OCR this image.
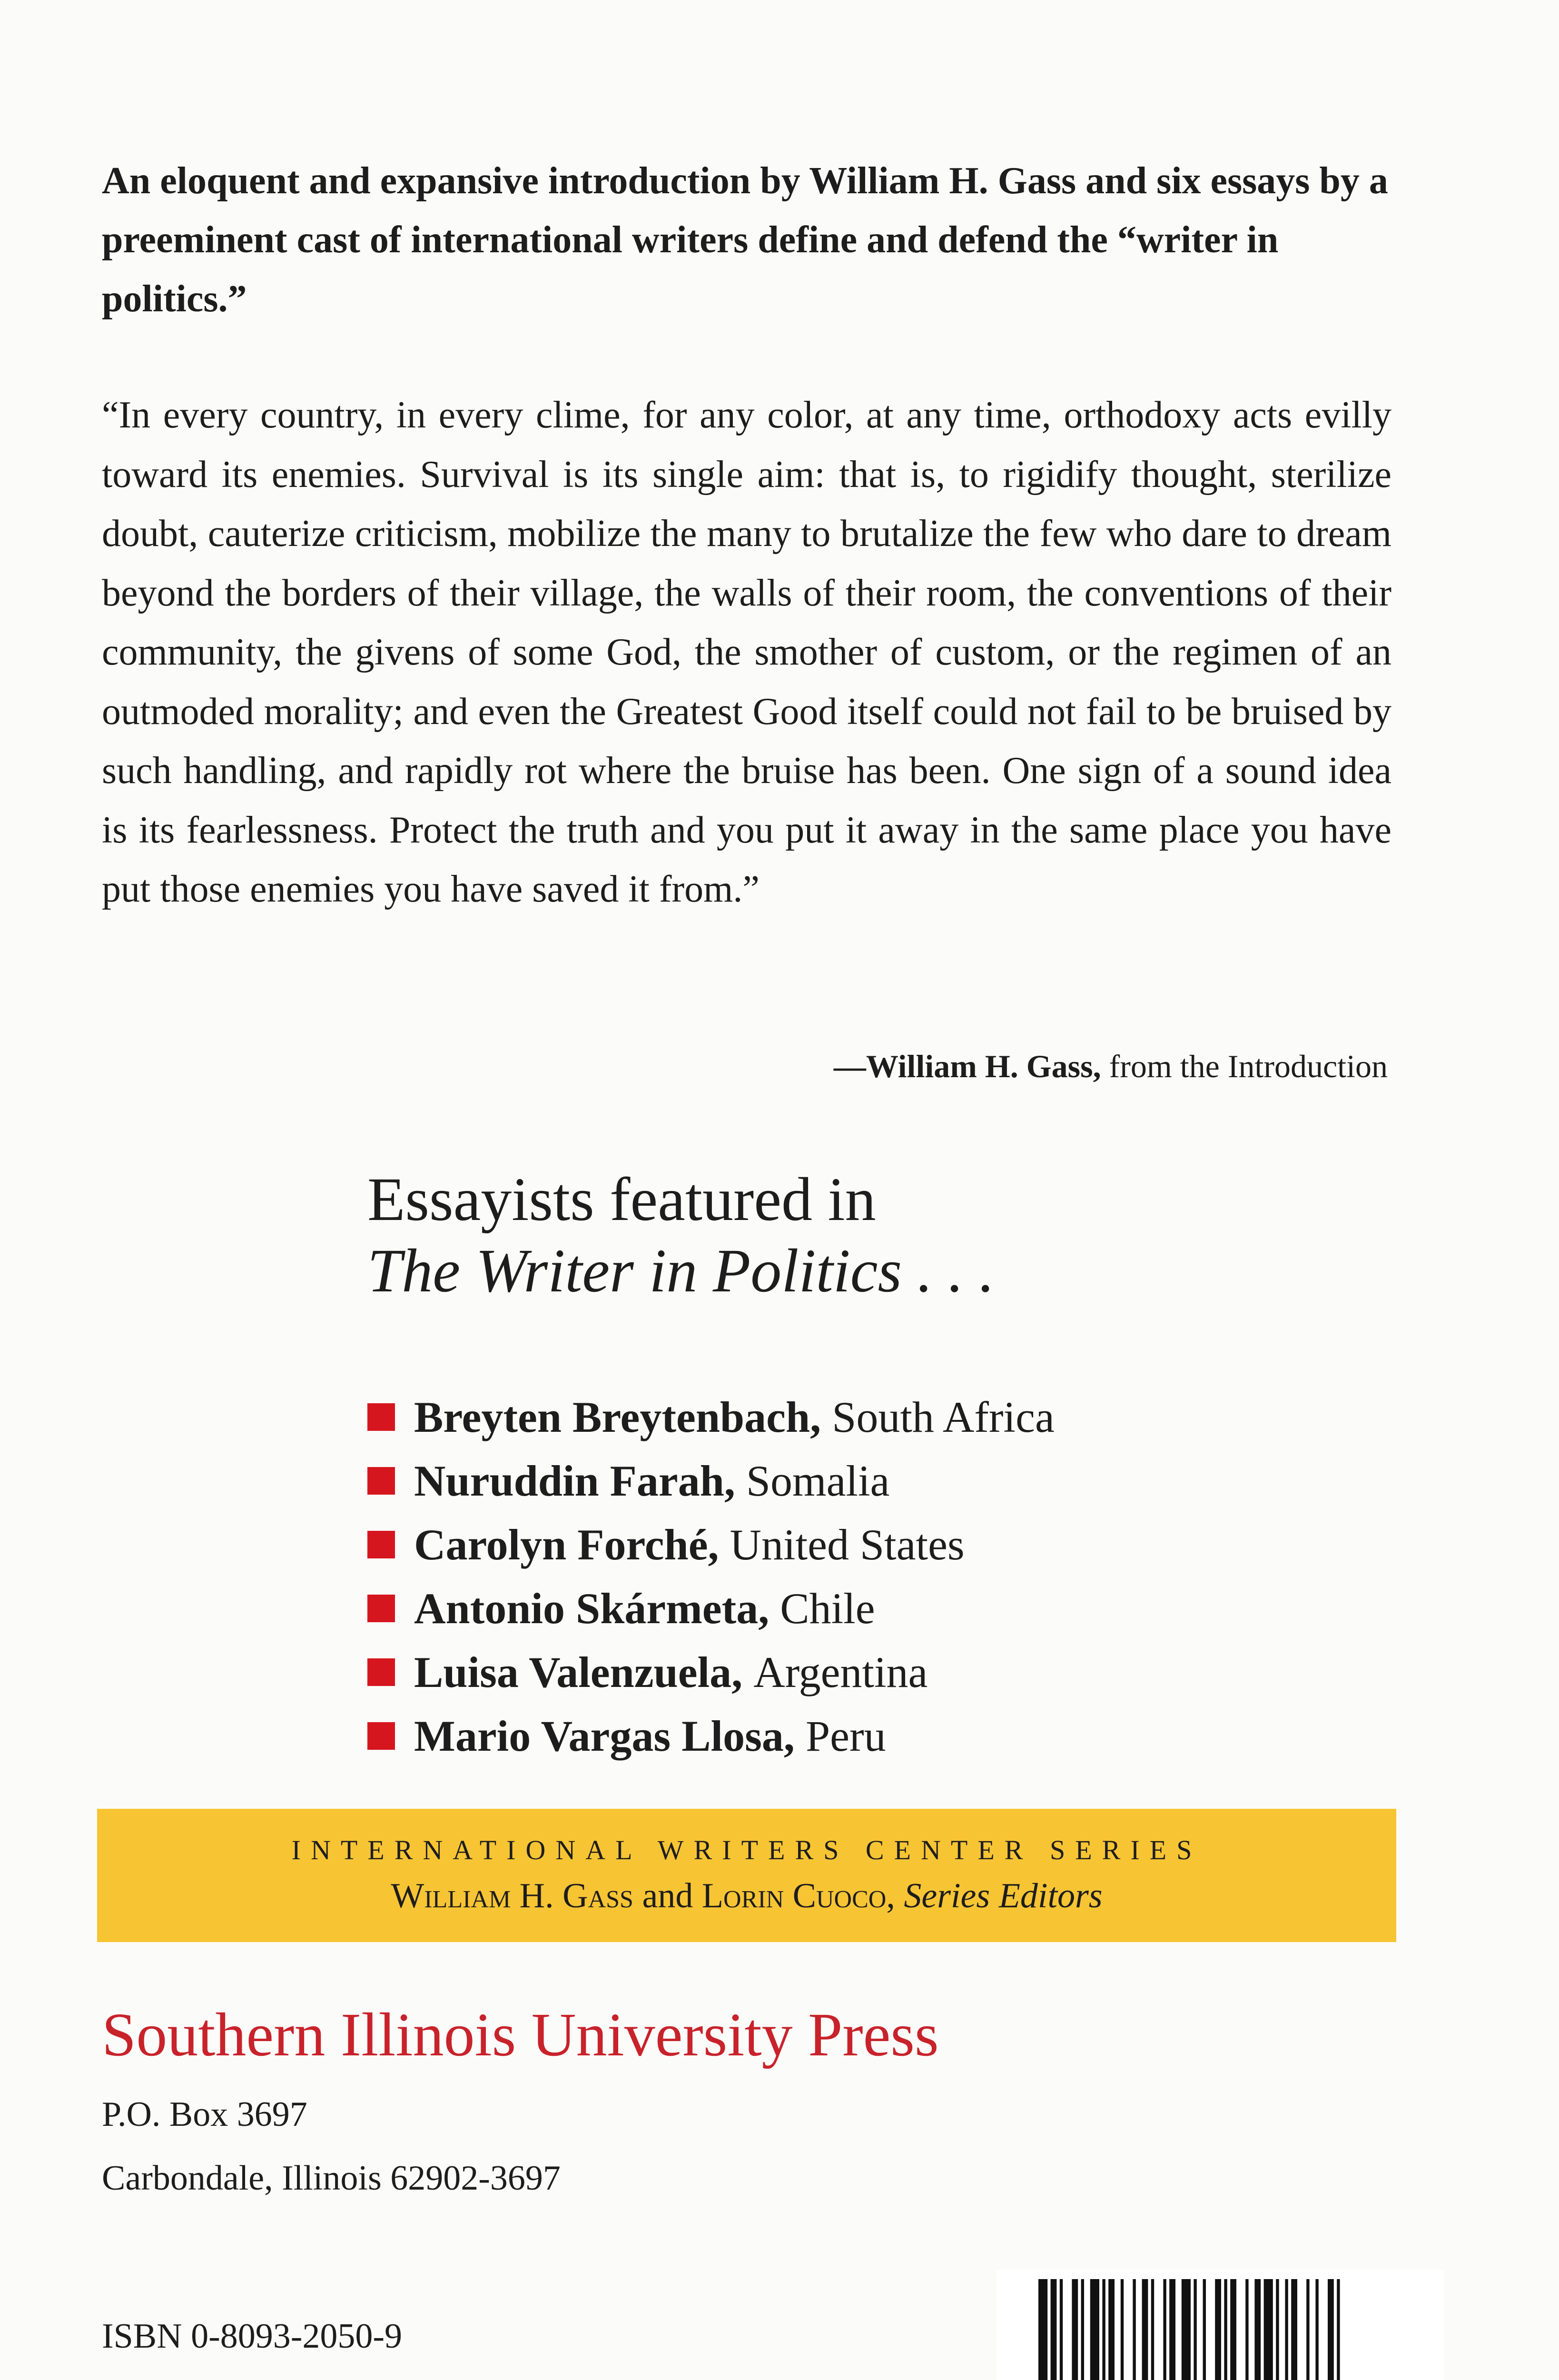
An eloquent and expansive introduction by William H. Gass and six essays by a preeminent cast of international writers define and defend the “writer in politics.”

“In every country, in every clime, for any color, at any time, orthodoxy acts evilly toward its enemies. Survival is its single aim: that is, to rigidify thought, sterilize doubt, cauterize criticism, mobilize the many to brutalize the few who dare to dream beyond the borders of their village, the walls of their room, the conventions of their community, the givens of some God, the smother of custom, or the regimen of an outmoded morality; and even the Greatest Good itself could not fail to be bruised by such handling, and rapidly rot where the bruise has been. One sign of a sound idea is its fearlessness. Protect the truth and you put it away in the same place you have put those enemies you have saved it from.”

—William H. Gass, from the Introduction
Essayists featured in
The Writer in Politics . . .
Breyten Breytenbach,
South Africa
Nuruddin Farah,
Somalia
Carolyn Forché,
United States
Antonio Skármeta,
Chile
Luisa Valenzuela,
Argentina
Mario Vargas Llosa,
Peru
INTERNATIONAL WRITERS CENTER SERIES
William H. Gass and Lorin Cuoco, Series Editors
Southern Illinois University Press
P.O. Box 3697
Carbondale, Illinois 62902-3697
ISBN 0-8093-2050-9
